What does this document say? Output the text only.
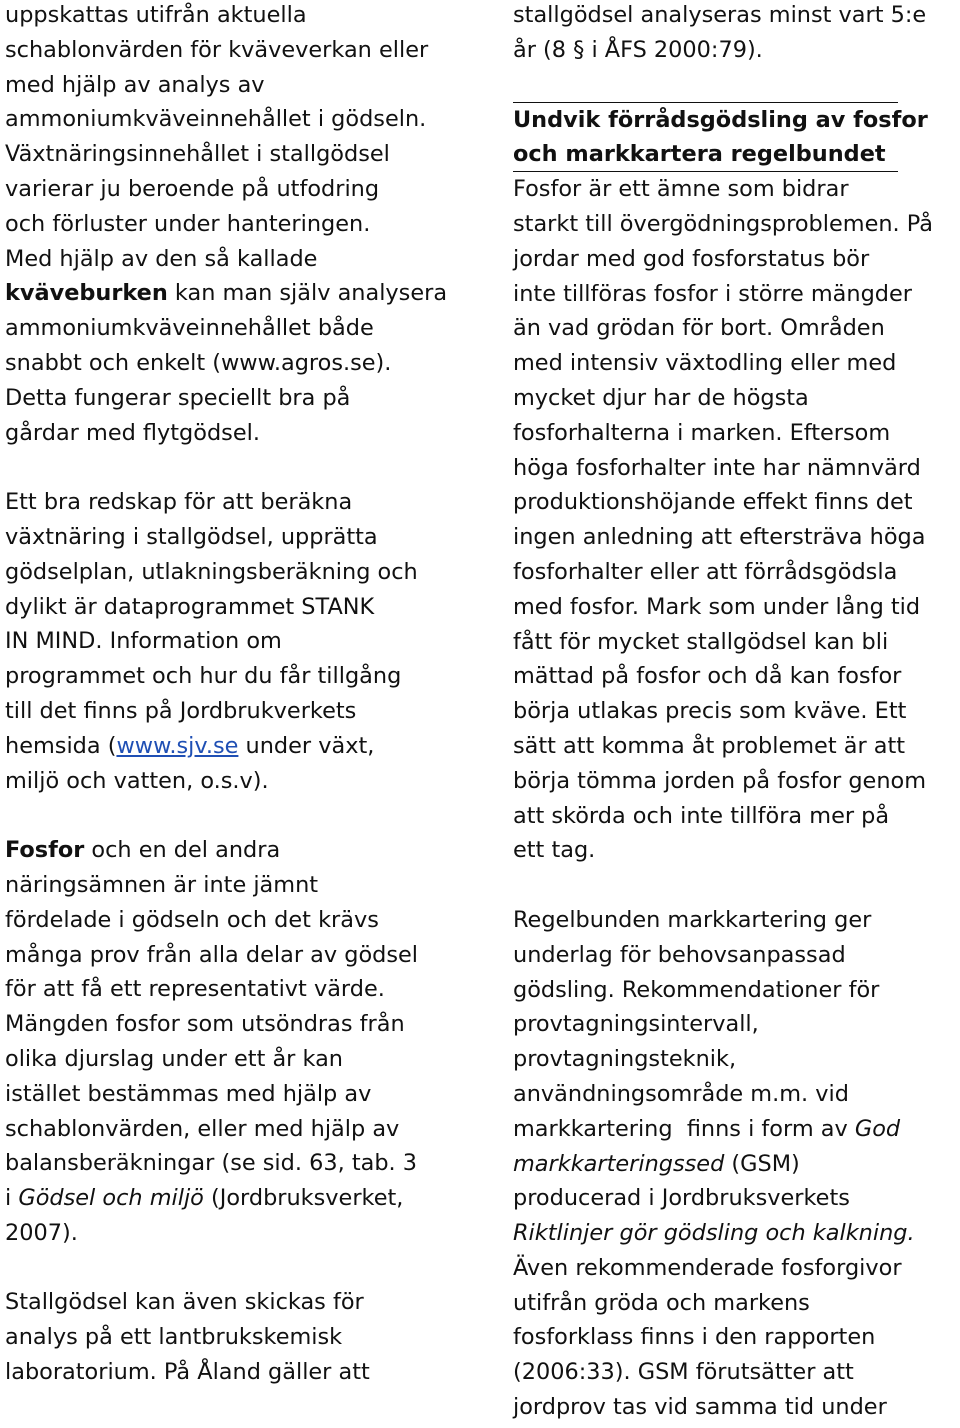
uppskattas utifrån aktuella
schablonvärden för kväveverkan eller
med hjälp av analys av
ammoniumkväveinnehållet i gödseln.
Växtnäringsinnehållet i stallgödsel
varierar ju beroende på utfodring
och förluster under hanteringen.
Med hjälp av den så kallade
kväveburken kan man själv analysera
ammoniumkväveinnehållet både
snabbt och enkelt (www.agros.se).
Detta fungerar speciellt bra på
gårdar med flytgödsel.
Ett bra redskap för att beräkna
växtnäring i stallgödsel, upprätta
gödselplan, utlakningsberäkning och
dylikt är dataprogrammet STANK
IN MIND. Information om
programmet och hur du får tillgång
till det finns på Jordbrukverkets
hemsida (www.sjv.se under växt,
miljö och vatten, o.s.v).
Fosfor och en del andra
näringsämnen är inte jämnt
fördelade i gödseln och det krävs
många prov från alla delar av gödsel
för att få ett representativt värde.
Mängden fosfor som utsöndras från
olika djurslag under ett år kan
istället bestämmas med hjälp av
schablonvärden, eller med hjälp av
balansberäkningar (se sid. 63, tab. 3
i Gödsel och miljö (Jordbruksverket,
2007).
Stallgödsel kan även skickas för
analys på ett lantbrukskemisk
laboratorium. På Åland gäller att
stallgödsel analyseras minst vart 5:e
år (8 § i ÅFS 2000:79).
Undvik förrådsgödsling av fosfor
och markkartera regelbundet
Fosfor är ett ämne som bidrar
starkt till övergödningsproblemen. På
jordar med god fosforstatus bör
inte tillföras fosfor i större mängder
än vad grödan för bort. Områden
med intensiv växtodling eller med
mycket djur har de högsta
fosforhalterna i marken. Eftersom
höga fosforhalter inte har nämnvärd
produktionshöjande effekt finns det
ingen anledning att eftersträva höga
fosforhalter eller att förrådsgödsla
med fosfor. Mark som under lång tid
fått för mycket stallgödsel kan bli
mättad på fosfor och då kan fosfor
börja utlakas precis som kväve. Ett
sätt att komma åt problemet är att
börja tömma jorden på fosfor genom
att skörda och inte tillföra mer på
ett tag.
Regelbunden markkartering ger
underlag för behovsanpassad
gödsling. Rekommendationer för
provtagningsintervall,
provtagningsteknik,
användningsområde m.m. vid
markkartering  finns i form av God
markkarteringssed (GSM)
producerad i Jordbruksverkets
Riktlinjer gör gödsling och kalkning.
Även rekommenderade fosforgivor
utifrån gröda och markens
fosforklass finns i den rapporten
(2006:33). GSM förutsätter att
jordprov tas vid samma tid under
